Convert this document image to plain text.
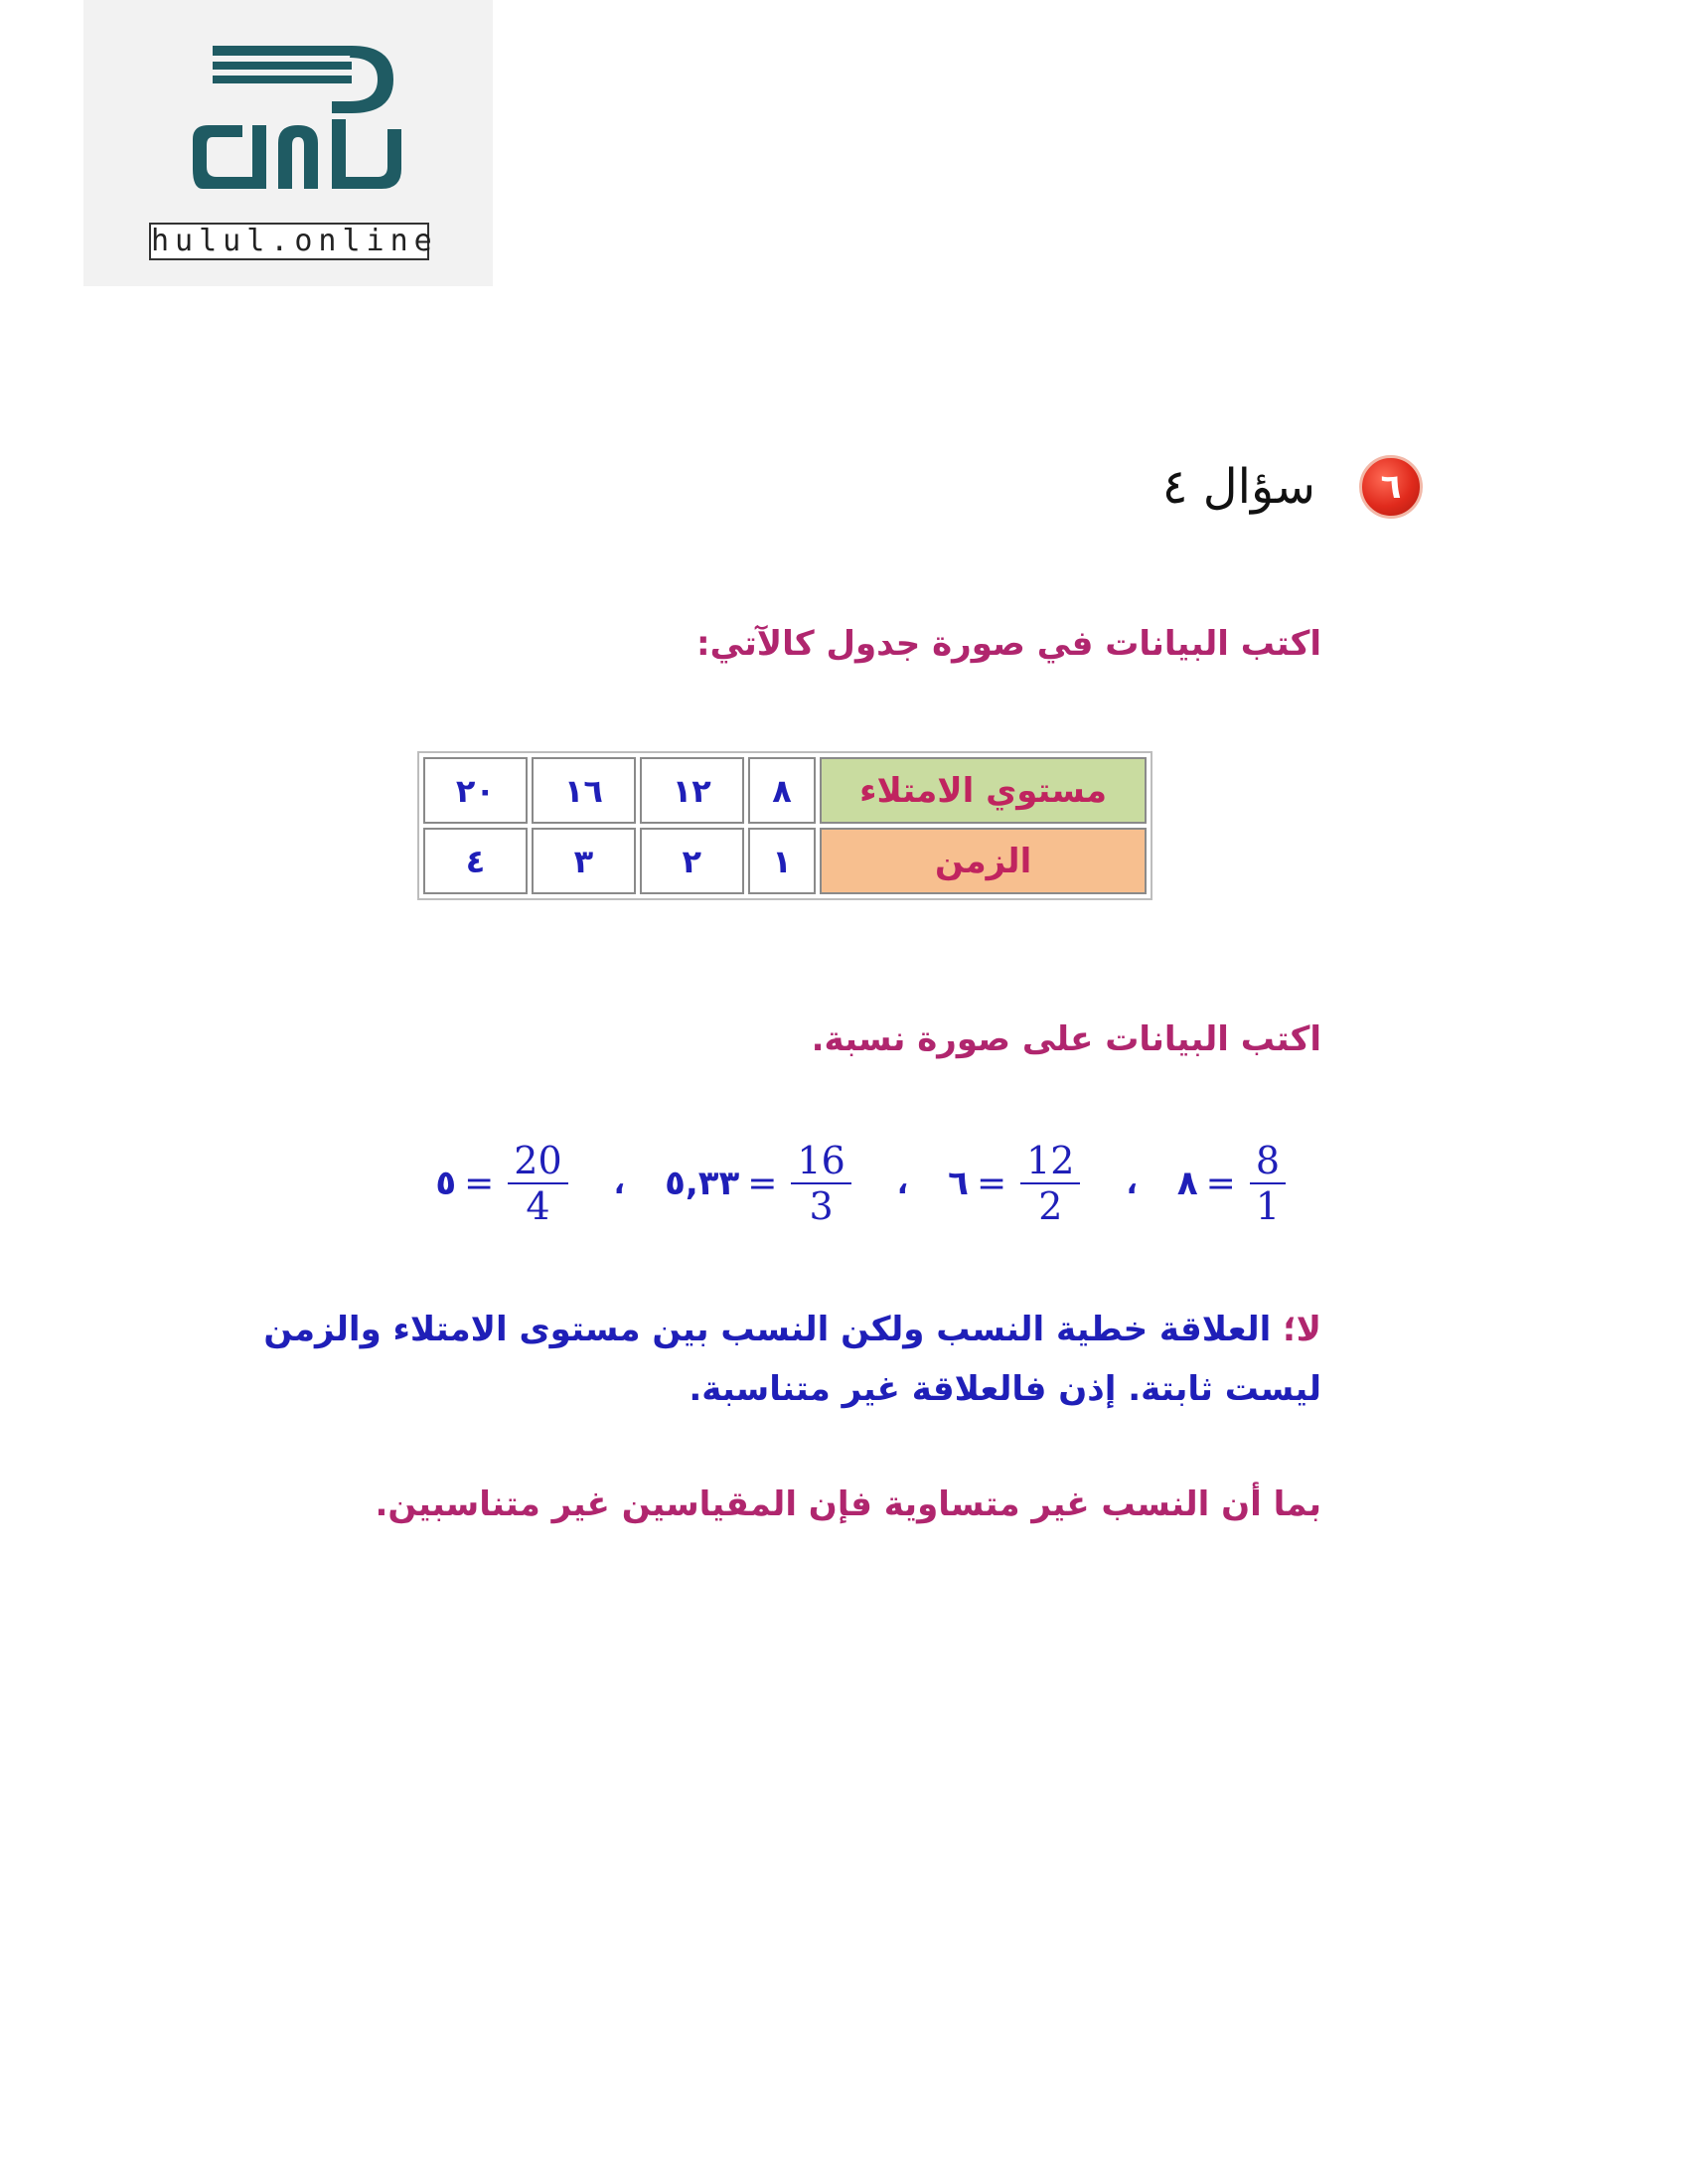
hulul.online
٦
سؤال ٤
اكتب البيانات في صورة جدول كالآتي:
مستوي الامتلاء	٨	١٢	١٦	٢٠
الزمن	١	٢	٣	٤
اكتب البيانات على صورة نسبة.
٨ = $\frac{8}{1}$
،
٦ = $\frac{12}{2}$
،
٥,٣٣ = $\frac{16}{3}$
،
٥ = $\frac{20}{4}$
لا؛ العلاقة خطية النسب ولكن النسب بين مستوى الامتلاء والزمن ليست ثابتة. إذن فالعلاقة غير متناسبة.
بما أن النسب غير متساوية فإن المقياسين غير متناسبين.
